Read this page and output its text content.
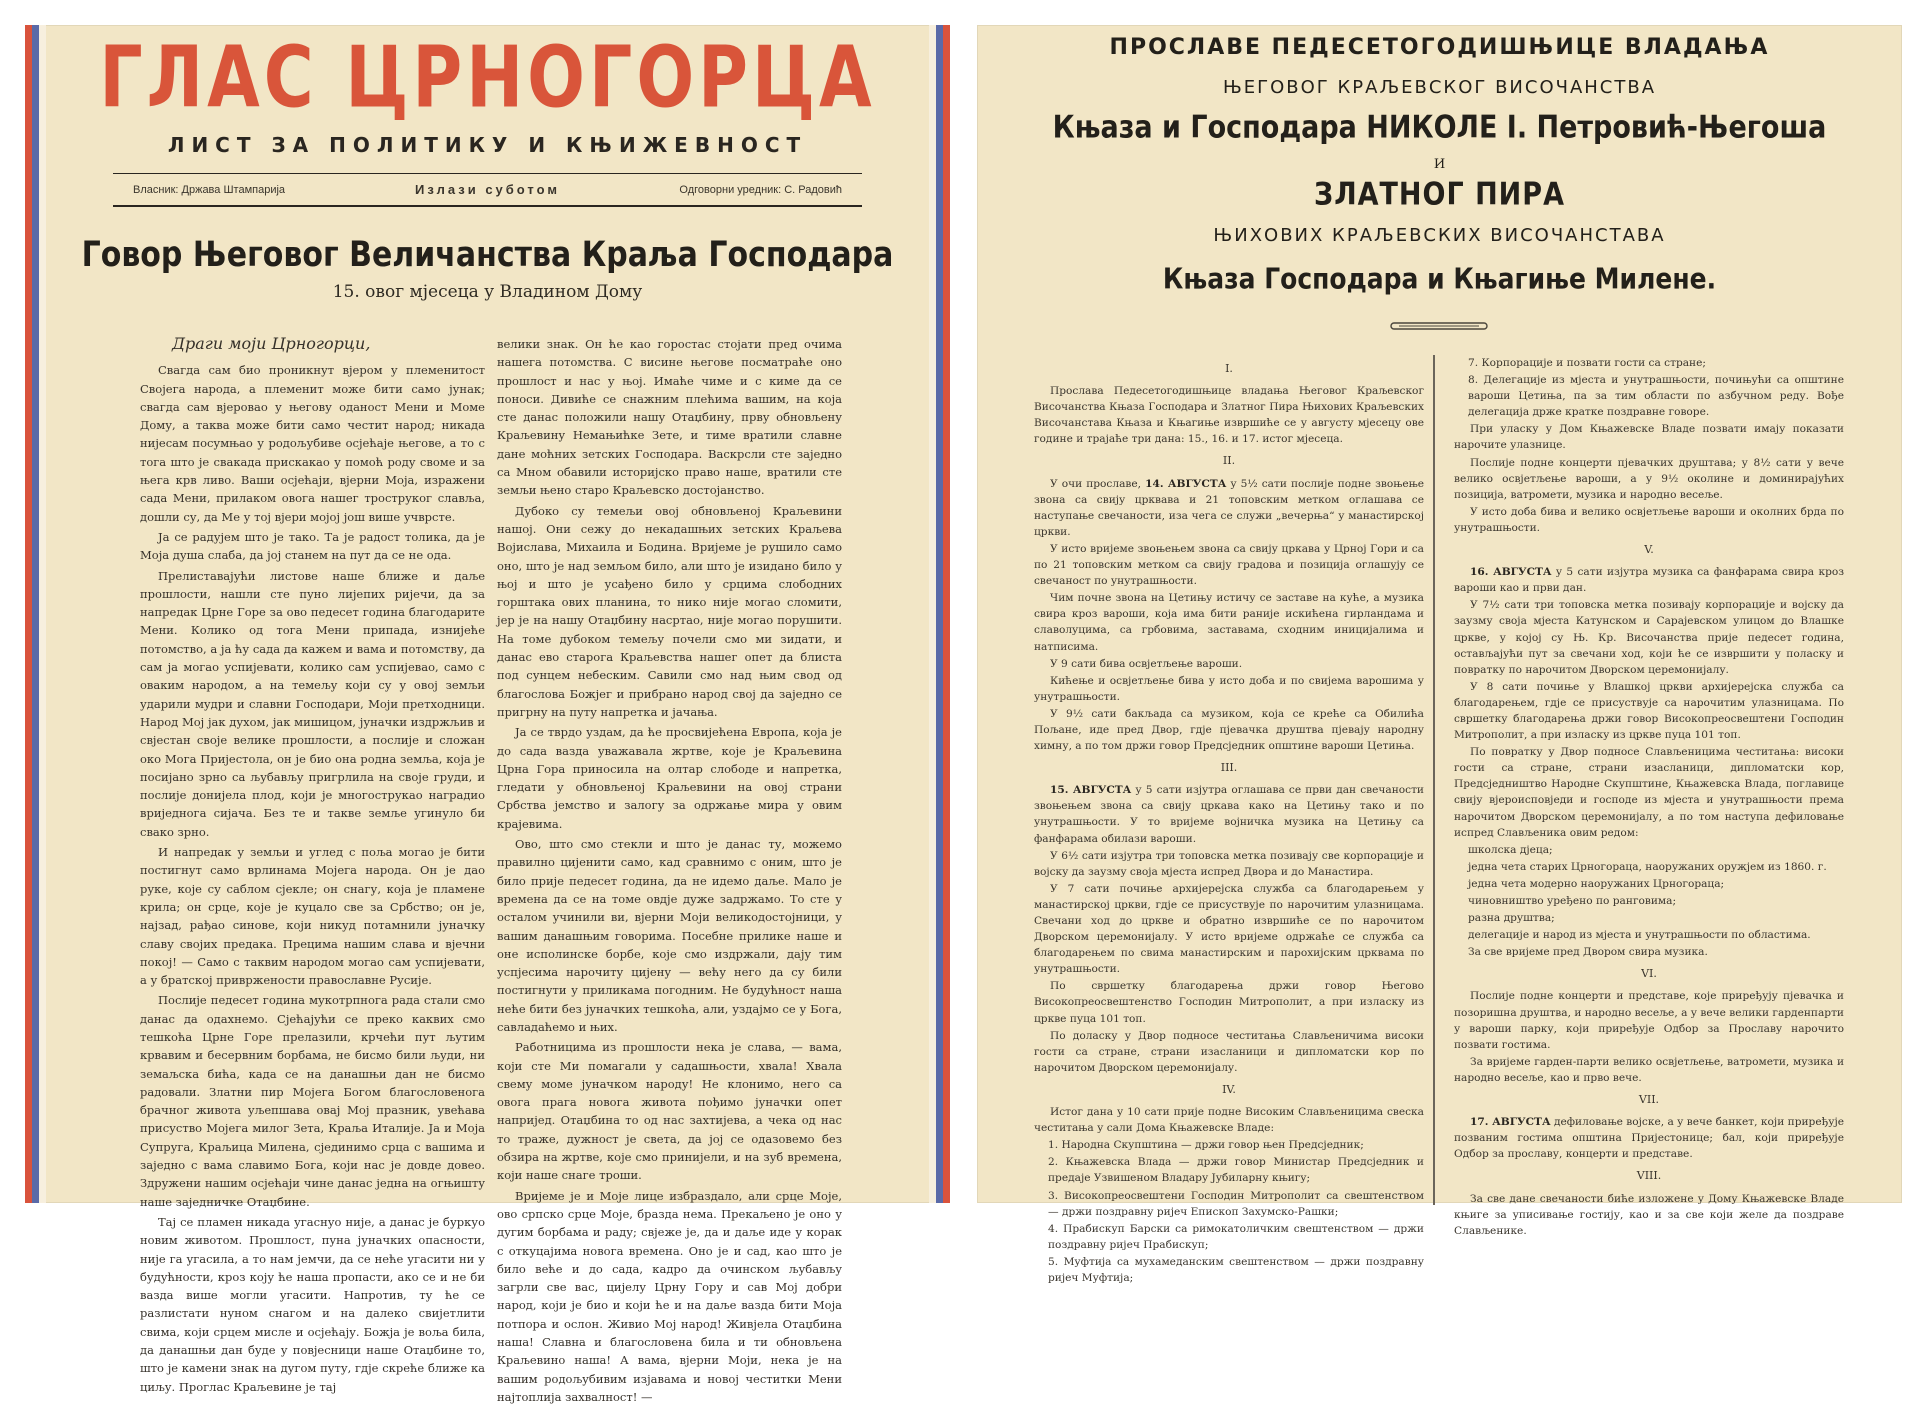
ГЛАС ЦРНОГОРЦА
ЛИСТ ЗА ПОЛИТИКУ И КЊИЖЕВНОСТ
Власник: Држава Штампарија	Излази суботом	Одговорни уредник: С. Радовић
Говор Његовог Величанства Краља Господара
15. овог мјесеца у Владином Дому

Драги моји Црногорци,

Свагда сам био проникнут вјером у племенитост Својега народа, а племенит може бити само јунак; свагда сам вјеровао у његову оданост Мени и Моме Дому, а таква може бити само честит народ; никада нијесам посумњао у родољубиве осјећаје његове, а то с тога што је свакада прискакао у помоћ роду своме и за њега крв ливо. Ваши осјећаји, вјерни Моја, изражени сада Мени, прилаком овога нашег троструког славља, дошли су, да Ме у тој вјери мојој још више учврсте.

Ја се радујем што је тако. Та је радост толика, да је Моја душа слаба, да јој станем на пут да се не ода.

Прелиставајући листове наше ближе и даље прошлости, нашли сте пуно лијепих ријечи, да за напредак Црне Горе за ово педесет година благодарите Мени. Колико од тога Мени припада, изнијеће потомство, а ја ћу сада да кажем и вама и потомству, да сам ја могао успијевати, колико сам успијевао, само с оваким народом, а на темељу који су у овој земљи ударили мудри и славни Господари, Моји претходници. Народ Мој јак духом, јак мишицом, јуначки издржљив и свјестан своје велике прошлости, а послије и сложан око Мога Пријестола, он је био она родна земља, која је посијано зрно са љубављу пригрлила на своје груди, и послије донијела плод, који је многострукао наградио вриједнога сијача. Без те и такве земље угинуло би свако зрно.

И напредак у земљи и углед с поља могао је бити постигнут само врлинама Мојега народа. Он је дао руке, које су саблом сјекле; он снагу, која је пламене крила; он срце, које је куцало све за Србство; он је, најзад, рађао синове, који никуд потамнили јуначку славу својих предака. Прецима нашим слава и вјечни покој! — Само с таквим народом могао сам успијевати, а у братској привржености православне Русије.

Послије педесет година мукотрпнога рада стали смо данас да одахнемо. Сјећајући се преко каквих смо тешкоћа Црне Горе прелазили, крчећи пут љутим крвавим и бесервним борбама, не бисмо били људи, ни земаљска бића, када се на данашњи дан не бисмо радовали. Златни пир Мојега Богом благословенога брачног живота уљепшава овај Мој празник, увећава присуство Мојега милог Зета, Краља Италије. Ја и Моја Супруга, Краљица Милена, сјединимо срца с вашима и заједно с вама славимо Бога, који нас је довде довео. Здружени нашим осјећаји чине данас једна на огњишту наше заједничке Отаџбине.

Тај се пламен никада угаснуо није, а данас је буркуо новим животом. Прошлост, пуна јуначких опасности, није га угасила, а то нам јемчи, да се неће угасити ни у будућности, кроз коју ће наша пропасти, ако се и не би вазда више могли угасити. Напротив, ту ће се разлистати нуном снагом и на далеко свијетлити свима, који срцем мисле и осјећају. Божја је воља била, да данашњи дан буде у повјесници наше Отаџбине то, што је камени знак на дугом путу, гдје скреће ближе ка циљу. Проглас Краљевине је тај

велики знак. Он ће као горостас стојати пред очима нашега потомства. С висине његове посматраће оно прошлост и нас у њој. Имаће чиме и с киме да се поноси. Дивиће се снажним плећима вашим, на која сте данас положили нашу Отаџбину, прву обновљену Краљевину Немањићке Зете, и тиме вратили славне дане моћних зетских Господара. Васкрсли сте заједно са Мном обавили историјско право наше, вратили сте земљи њено старо Краљевско достојанство.

Дубоко су темељи овој обновљеној Краљевини нашој. Они сежу до некадашњих зетских Краљева Војислава, Михаила и Бодина. Вријеме је рушило само оно, што је над земљом било, али што је изидано било у њој и што је усађено било у срцима слободних горштака ових планина, то нико није могао сломити, јер је на нашу Отаџбину насртао, није могао порушити. На томе дубоком темељу почели смо ми зидати, и данас ево старога Краљевства нашег опет да блиста под сунцем небеским. Савили смо над њим свод од благослова Божјег и прибрано народ свој да заједно се пригрну на путу напретка и јачања.

Ја се тврдо уздам, да ће просвијећена Европа, која је до сада вазда уважавала жртве, које је Краљевина Црна Гора приносила на олтар слободе и напретка, гледати у обновљеној Краљевини на овој страни Србства јемство и залогу за одржање мира у овим крајевима.

Ово, што смо стекли и што је данас ту, можемо правилно цијенити само, кад сравнимо с оним, што је било прије педесет година, да не идемо даље. Мало је времена да се на томе овдје дуже задржамо. То сте у осталом учинили ви, вјерни Моји великодостојници, у вашим данашњим говорима. Посебне прилике наше и оне исполинске борбе, које смо издржали, дају тим успјесима нарочиту цијену — већу него да су били постигнути у приликама погодним. Не будућност наша неће бити без јуначких тешкоћа, али, уздајмо се у Бога, савладаћемо и њих.

Работницима из прошлости нека је слава, — вама, који сте Ми помагали у садашњости, хвала! Хвала свему моме јуначком народу! Не клонимо, него са овога прага новога живота пођимо јуначки опет напријед. Отаџбина то од нас захтијева, а чека од нас то траже, дужност је света, да јој се одазовемо без обзира на жртве, које смо принијели, и на зуб времена, који наше снаге троши.

Вријеме је и Моје лице избраздало, али срце Моје, ово српско срце Моје, бразда нема. Прекаљено је оно у дугим борбама и раду; свјеже је, да и даље иде у корак с откуцајима новога времена. Оно је и сад, као што је било веће и до сада, кадро да очинском љубављу загрли све вас, цијелу Црну Гору и сав Мој добри народ, који је био и који ће и на даље вазда бити Моја потпора и ослон. Живио Мој народ! Живјела Отаџбина наша! Славна и благословена била и ти обновљена Краљевино наша! А вама, вјерни Моји, нека је на вашим родољубивим изјавама и новој честитки Мени најтоплија захвалност! —

ПРОСЛАВЕ ПЕДЕСЕТОГОДИШЊИЦЕ ВЛАДАЊА
ЊЕГОВОГ КРАЉЕВСКОГ ВИСОЧАНСТВА
Књаза и Господара НИКОЛЕ I. Петровић-Његоша
И
ЗЛАТНОГ ПИРА
ЊИХОВИХ КРАЉЕВСКИХ ВИСОЧАНСТАВА
Књаза Господара и Књагиње Милене.

I.

Прослава Педесетогодишњице владања Његовог Краљевског Височанства Књаза Господара и Златног Пира Њихових Краљевских Височанстава Књаза и Књагиње извршиће се у августу мјесецу ове године и трајаће три дана: 15., 16. и 17. истог мјесеца.

II.

У очи прославе, 14. АВГУСТА у 5½ сати послије подне звоњење звона са свију црквава и 21 топовским метком оглашава се наступање свечаности, иза чега се служи „вечерња“ у манастирској цркви.

У исто вријеме звоњењем звона са свију цркава у Црној Гори и са по 21 топовским метком са свију градова и позиција оглашују се свечаност по унутрашњости.

Чим почне звона на Цетињу истичу се заставе на кућe, а музика свира кроз вароши, која има бити раније искићена гирландама и славолуцима, са грбовима, заставама, сходним иницијалима и натписима.

У 9 сати бива освјетљење вароши.

Кићење и освјетљење бива у исто доба и по свијема варошима у унутрашњости.

У 9½ сати бакљада са музиком, која се креће са Обилића Пољане, иде пред Двор, гдје пјевачка друштва пјевају народну химну, а по том држи говор Предсједник општине вароши Цетиња.

III.

15. АВГУСТА у 5 сати изјутра оглашава се први дан свечаности звоњењем звона са свију цркава како на Цетињу тако и по унутрашњости. У то вријеме војничка музика на Цетињу са фанфарама обилази вароши.

У 6½ сати изјутра три топовска метка позивају све корпорације и војску да заузму своја мјеста испред Двора и до Манастира.

У 7 сати почиње архијерејска служба са благодарењем у манастирској цркви, гдје се присуствује по нарочитим улазницама. Свечани ход до цркве и обратно извршиће се по нарочитом Дворском церемонијалу. У исто вријеме одржаће се служба са благодарењем по свима манастирским и парохијским црквама по унутрашњости.

По свршетку благодарења држи говор Његово Високопреосвештенство Господин Митрополит, а при изласку из цркве пуца 101 топ.

По доласку у Двор подносе честитања Слављеничима високи гости са стране, страни изасланици и дипломатски кор по нарочитом Дворском церемонијалу.

IV.

Истог дана у 10 сати прије подне Високим Слављеницима свеска честитања у сали Дома Књажевске Владе:

1. Народна Скупштина — држи говор њен Предсједник;

2. Књажевска Влада — држи говор Министар Предсједник и предаје Узвишеном Владару Јубиларну књигу;

3. Високопреосвештени Господин Митрополит са свештенством — држи поздравну ријеч Епископ Захумско-Рашки;

4. Прабискуп Барски са римокатоличким свештенством — држи поздравну ријеч Прабискуп;

5. Муфтија са мухамеданским свештенством — држи поздравну ријеч Муфтија;

7. Корпорације и позвати гости са стране;

8. Делегације из мјеста и унутрашњости, почињући са општине вароши Цетиња, па за тим области по азбучном реду. Вође делегација држе кратке поздравне говоре.

При уласку у Дом Књажевске Владе позвати имају показати нарочите улазнице.

Послије подне концерти пјевачких друштава; у 8½ сати у вече велико освјетљење вароши, а у 9½ околине и доминирајућих позиција, ватромети, музика и народно весеље.

У исто доба бива и велико освјетљење вароши и околних брда по унутрашњости.

V.

16. АВГУСТА у 5 сати изјутра музика са фанфарама свира кроз вароши као и први дан.

У 7½ сати три топовска метка позивају корпорације и војску да заузму своја мјеста Катунском и Сарајевском улицом до Влашке цркве, у којој су Њ. Кр. Височанства прије педесет година, остављајући пут за свечани ход, који ће се извршити у поласку и повратку по нарочитом Дворском церемонијалу.

У 8 сати почиње у Влашкој цркви архијерејска служба са благодарењем, гдје се присуствује са нарочитим улазницама. По свршетку благодарења држи говор Високопреосвештени Господин Митрополит, а при изласку из цркве пуца 101 топ.

По повратку у Двор подносе Слављеницима честитања: високи гости са стране, страни изасланици, дипломатски кор, Предсједништво Народне Скупштине, Књажевска Влада, поглавице свију вјероисповједи и господе из мјеста и унутрашњости према нарочитом Дворском церемонијалу, а по том наступа дефиловање испред Слављеника овим редом:

школска дјеца;

једна чета старих Црногораца, наоружаних оружјем из 1860. г.

једна чета модерно наоружаних Црногораца;

чиновништво уређено по ранговима;

разна друштва;

делегације и народ из мјеста и унутрашњости по областима.

За све вријеме пред Двором свира музика.

VI.

Послије подне концерти и представе, које приређују пјевачка и позоришна друштва, и народно весеље, а у вече велики гарденпарти у вароши парку, који приређује Одбор за Прославу нарочито позвати гостима.

За вријеме гарден-парти велико освјетљење, ватромети, музика и народно весеље, као и прво вече.

VII.

17. АВГУСТА дефиловање војске, а у вече банкет, који приређује позваним гостима општина Пријестонице; бал, који приређује Одбор за прославу, концерти и представе.

VIII.

За све дане свечаности биће изложене у Дому Књажевске Владе књиге за уписивање гостију, као и за све који желе да поздраве Слављенике.
